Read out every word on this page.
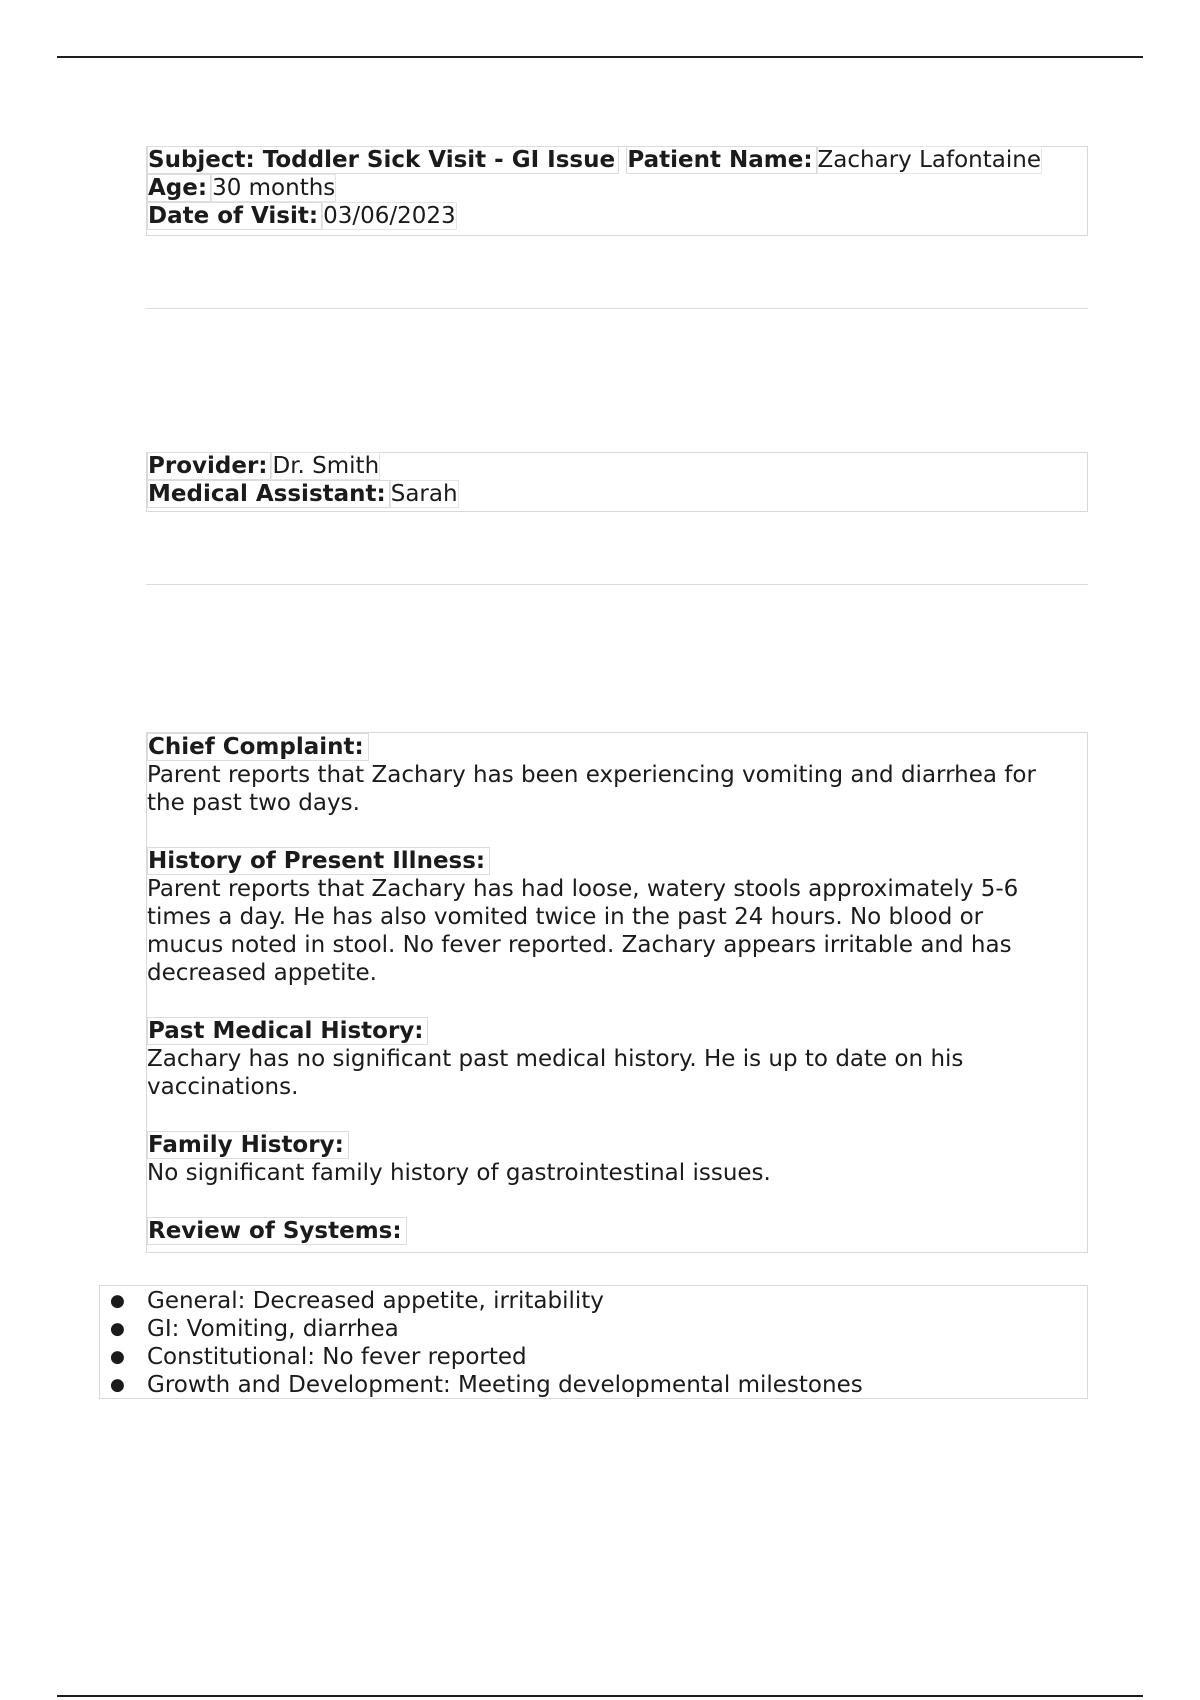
Subject: Toddler Sick Visit - GI Issue Patient Name: Zachary Lafontaine
Age: 30 months
Date of Visit: 03/06/2023
Provider: Dr. Smith
Medical Assistant: Sarah
Chief Complaint:
Parent reports that Zachary has been experiencing vomiting and diarrhea for
the past two days.
History of Present Illness:
Parent reports that Zachary has had loose, watery stools approximately 5-6
times a day. He has also vomited twice in the past 24 hours. No blood or
mucus noted in stool. No fever reported. Zachary appears irritable and has
decreased appetite.
Past Medical History:
Zachary has no significant past medical history. He is up to date on his
vaccinations.
Family History:
No significant family history of gastrointestinal issues.
Review of Systems:
● General: Decreased appetite, irritability
● GI: Vomiting, diarrhea
● Constitutional: No fever reported
● Growth and Development: Meeting developmental milestones
